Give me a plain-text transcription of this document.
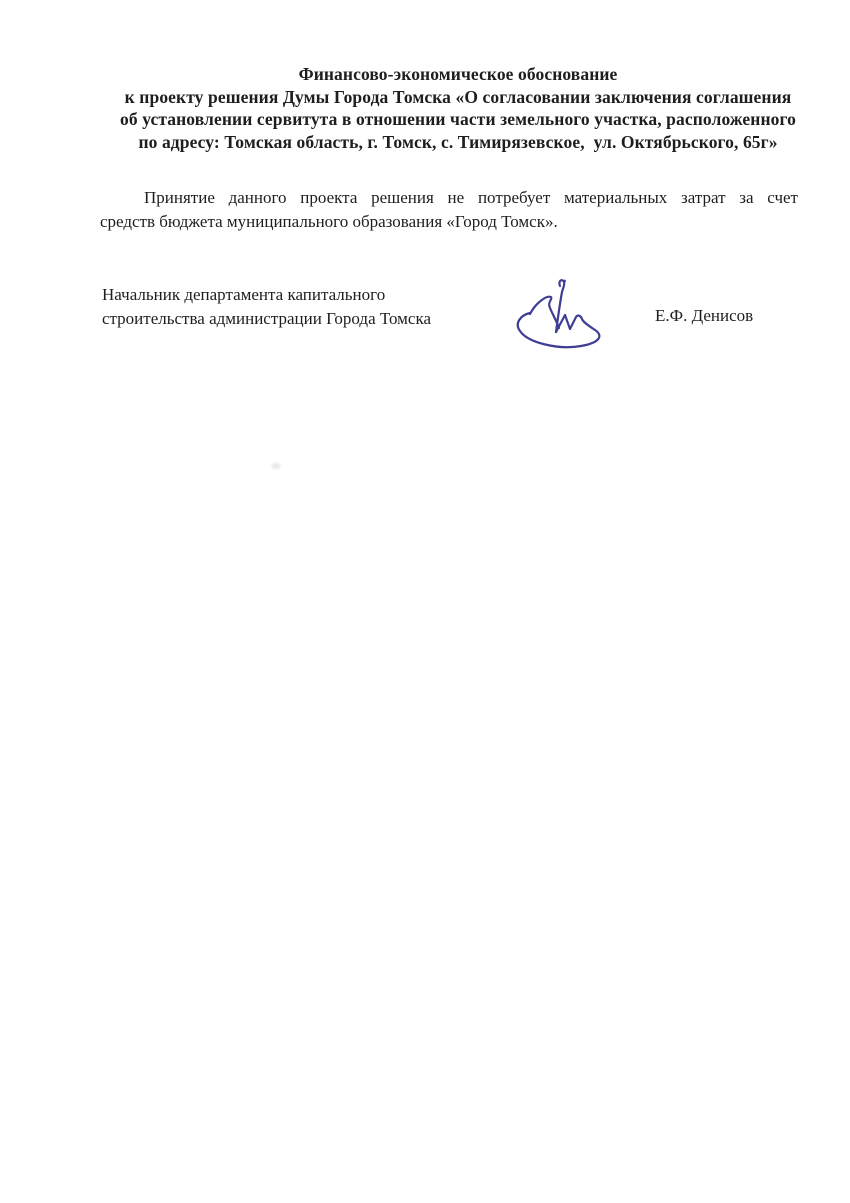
Финансово-экономическое обоснование
к проекту решения Думы Города Томска «О согласовании заключения соглашения
об установлении сервитута в отношении части земельного участка, расположенного
по адресу: Томская область, г. Томск, с. Тимирязевское,  ул. Октябрьского, 65г»
Принятие данного проекта решения не потребует материальных затрат за счет
средств бюджета муниципального образования «Город Томск».
Начальник департамента капитального
строительства администрации Города Томска	Е.Ф. Денисов
